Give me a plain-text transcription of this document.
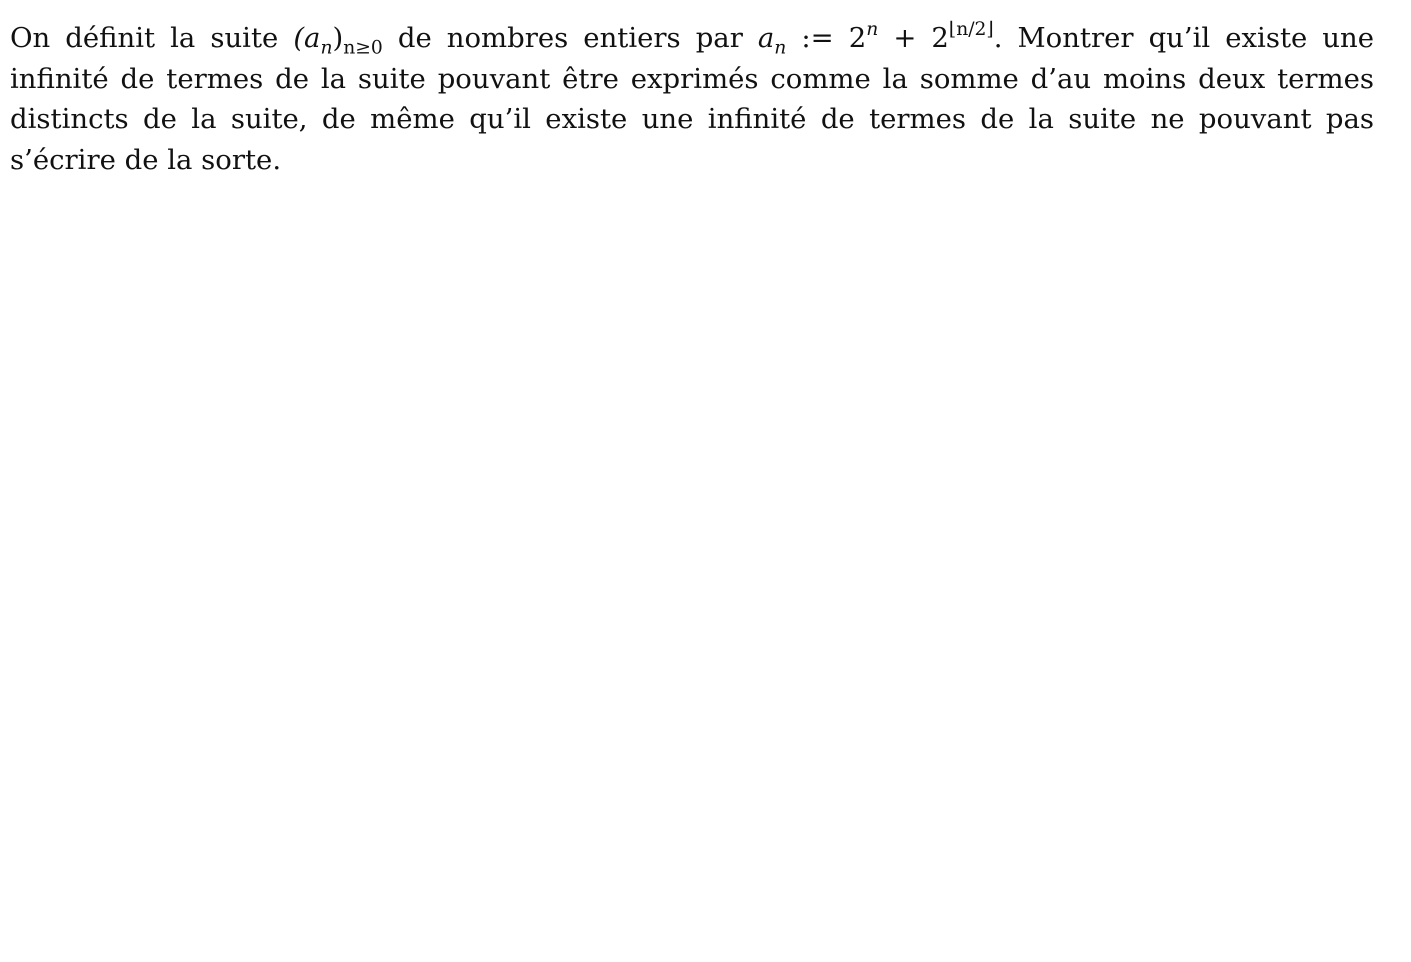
On définit la suite $(a_n)_{n\ge 0}$ de nombres entiers par $a_n$ := $2^n + 2^{⌊n/2⌋}$. Montrer qu’il existe une infinité de termes de la suite pouvant être exprimés comme la somme d’au moins deux termes distincts de la suite, de même qu’il existe une infinité de termes de la suite ne pouvant pas s’écrire de la sorte.
